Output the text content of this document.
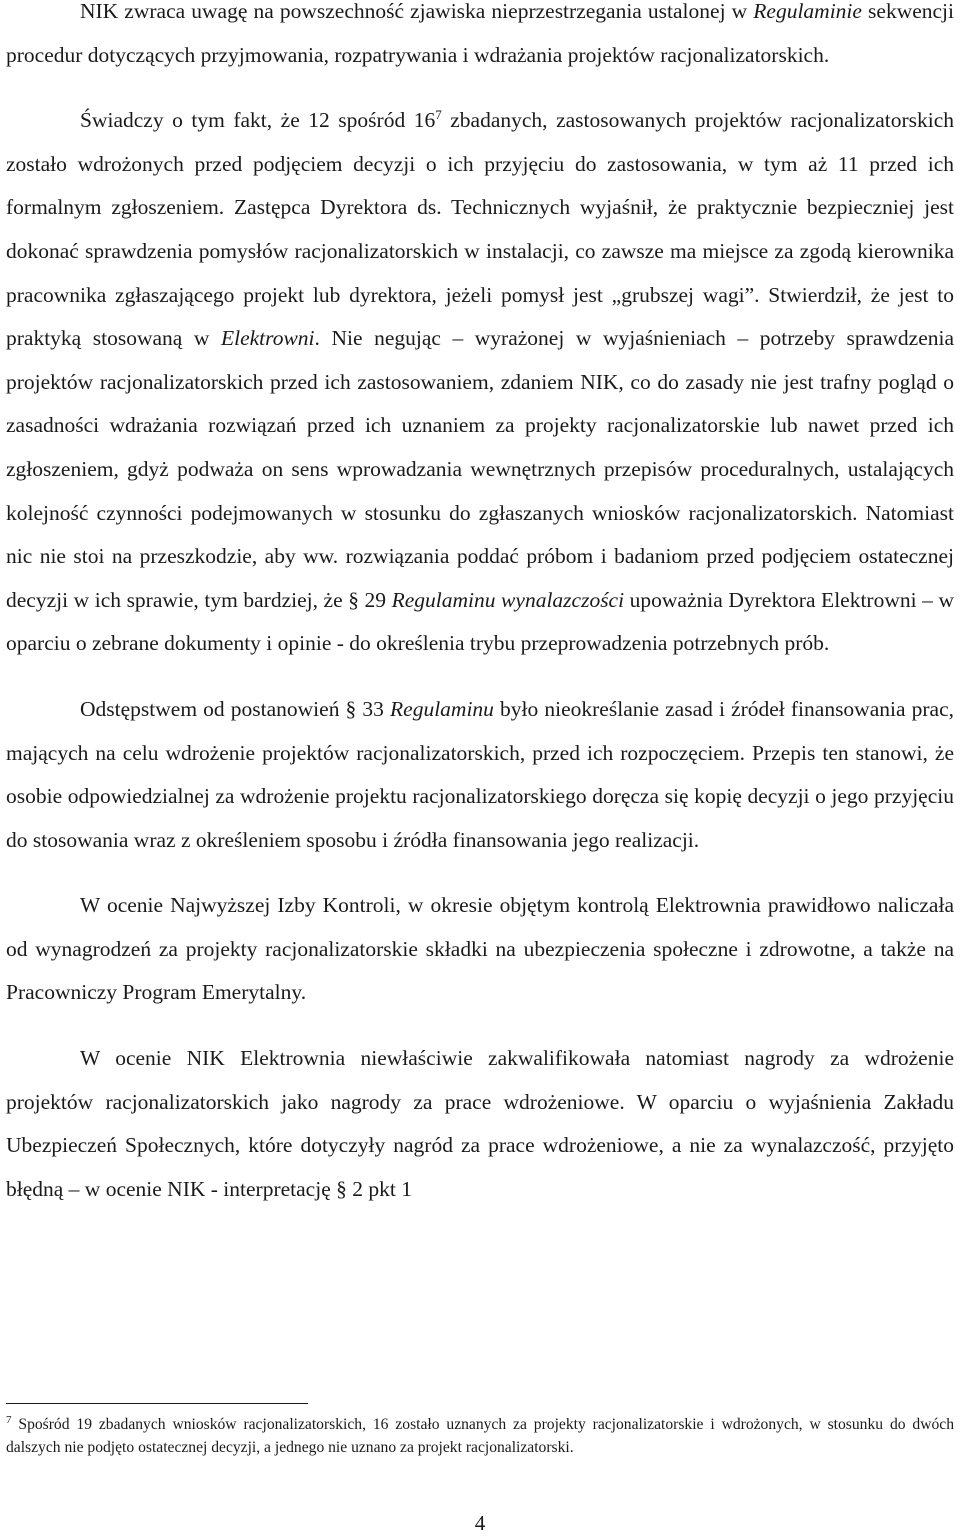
NIK zwraca uwagę na powszechność zjawiska nieprzestrzegania ustalonej w Regulaminie sekwencji procedur dotyczących przyjmowania, rozpatrywania i wdrażania projektów racjonalizatorskich.

Świadczy o tym fakt, że 12 spośród 16$^7$ zbadanych, zastosowanych projektów racjonalizatorskich zostało wdrożonych przed podjęciem decyzji o ich przyjęciu do zastosowania, w tym aż 11 przed ich formalnym zgłoszeniem. Zastępca Dyrektora ds. Technicznych wyjaśnił, że praktycznie bezpieczniej jest dokonać sprawdzenia pomysłów racjonalizatorskich w instalacji, co zawsze ma miejsce za zgodą kierownika pracownika zgłaszającego projekt lub dyrektora, jeżeli pomysł jest „grubszej wagi”. Stwierdził, że jest to praktyką stosowaną w Elektrowni. Nie negując – wyrażonej w wyjaśnieniach – potrzeby sprawdzenia projektów racjonalizatorskich przed ich zastosowaniem, zdaniem NIK, co do zasady nie jest trafny pogląd o zasadności wdrażania rozwiązań przed ich uznaniem za projekty racjonalizatorskie lub nawet przed ich zgłoszeniem, gdyż podważa on sens wprowadzania wewnętrznych przepisów proceduralnych, ustalających kolejność czynności podejmowanych w stosunku do zgłaszanych wniosków racjonalizatorskich. Natomiast nic nie stoi na przeszkodzie, aby ww. rozwiązania poddać próbom i badaniom przed podjęciem ostatecznej decyzji w ich sprawie, tym bardziej, że § 29 Regulaminu wynalazczości upoważnia Dyrektora Elektrowni – w oparciu o zebrane dokumenty i opinie - do określenia trybu przeprowadzenia potrzebnych prób.

Odstępstwem od postanowień § 33 Regulaminu było nieokreślanie zasad i źródeł finansowania prac, mających na celu wdrożenie projektów racjonalizatorskich, przed ich rozpoczęciem. Przepis ten stanowi, że osobie odpowiedzialnej za wdrożenie projektu racjonalizatorskiego doręcza się kopię decyzji o jego przyjęciu do stosowania wraz z określeniem sposobu i źródła finansowania jego realizacji.

W ocenie Najwyższej Izby Kontroli, w okresie objętym kontrolą Elektrownia prawidłowo naliczała od wynagrodzeń za projekty racjonalizatorskie składki na ubezpieczenia społeczne i zdrowotne, a także na Pracowniczy Program Emerytalny.

W ocenie NIK Elektrownia niewłaściwie zakwalifikowała natomiast nagrody za wdrożenie projektów racjonalizatorskich jako nagrody za prace wdrożeniowe. W oparciu o wyjaśnienia Zakładu Ubezpieczeń Społecznych, które dotyczyły nagród za prace wdrożeniowe, a nie za wynalazczość, przyjęto błędną – w ocenie NIK - interpretację § 2 pkt 1

$^7$ Spośród 19 zbadanych wniosków racjonalizatorskich, 16 zostało uznanych za projekty racjonalizatorskie i wdrożonych, w stosunku do dwóch dalszych nie podjęto ostatecznej decyzji, a jednego nie uznano za projekt racjonalizatorski.

4
